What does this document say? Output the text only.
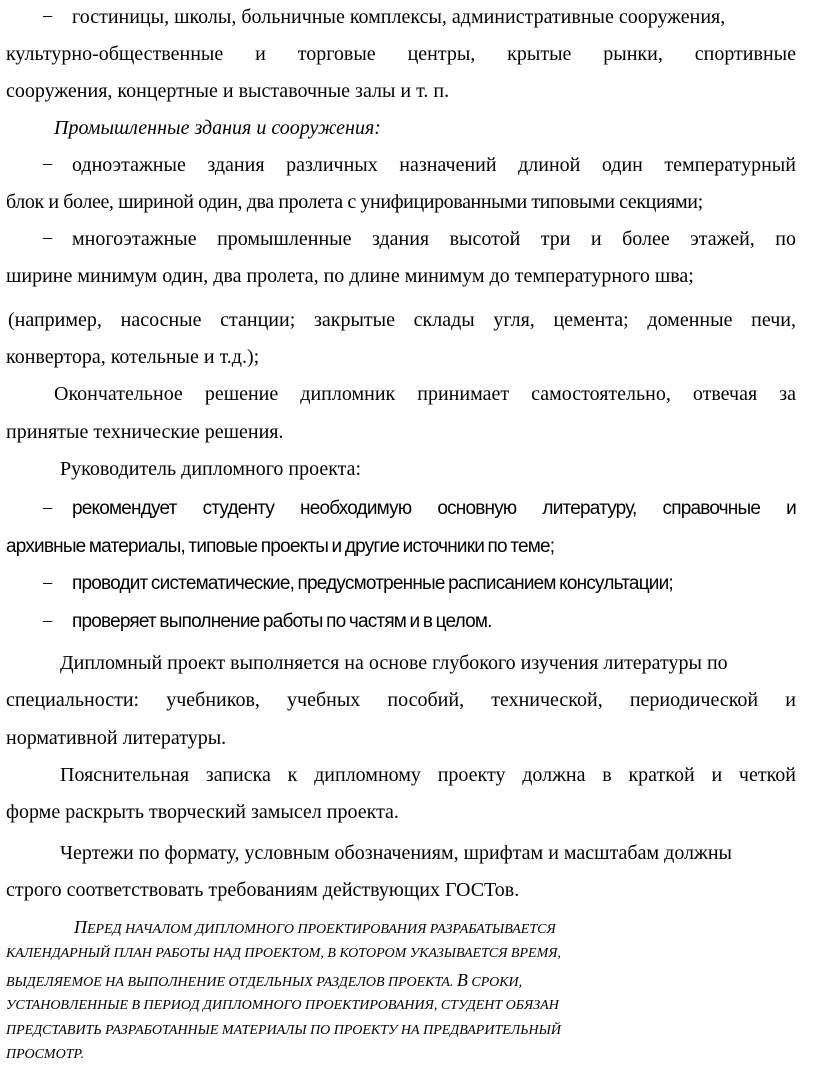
− гостиницы, школы, больничные комплексы, административные сооружения,
культурно-общественные и торговые центры, крытые рынки, спортивные
сооружения, концертные и выставочные залы и т. п.
Промышленные здания и сооружения:
− одноэтажные здания различных назначений длиной один температурный
блок и более, шириной один, два пролета с унифицированными типовыми секциями;
− многоэтажные промышленные здания высотой три и более этажей, по
ширине минимум один, два пролета, по длине минимум до температурного шва;
(например, насосные станции; закрытые склады угля, цемента; доменные печи,
конвертора, котельные и т.д.);
Окончательное решение дипломник принимает самостоятельно, отвечая за
принятые технические решения.
Руководитель дипломного проекта:
− рекомендует студенту необходимую основную литературу, справочные и
архивные материалы, типовые проекты и другие источники по теме;
− проводит систематические, предусмотренные расписанием консультации;
− проверяет выполнение работы по частям и в целом.
Дипломный проект выполняется на основе глубокого изучения литературы по
специальности: учебников, учебных пособий, технической, периодической и
нормативной литературы.
Пояснительная записка к дипломному проекту должна в краткой и четкой
форме раскрыть творческий замысел проекта.
Чертежи по формату, условным обозначениям, шрифтам и масштабам должны
строго соответствовать требованиям действующих ГОСТов.
ПЕРЕД НАЧАЛОМ ДИПЛОМНОГО ПРОЕКТИРОВАНИЯ РАЗРАБАТЫВАЕТСЯ
КАЛЕНДАРНЫЙ ПЛАН РАБОТЫ НАД ПРОЕКТОМ, В КОТОРОМ УКАЗЫВАЕТСЯ ВРЕМЯ,
ВЫДЕЛЯЕМОЕ НА ВЫПОЛНЕНИЕ ОТДЕЛЬНЫХ РАЗДЕЛОВ ПРОЕКТА. В СРОКИ,
УСТАНОВЛЕННЫЕ В ПЕРИОД ДИПЛОМНОГО ПРОЕКТИРОВАНИЯ, СТУДЕНТ ОБЯЗАН
ПРЕДСТАВИТЬ РАЗРАБОТАННЫЕ МАТЕРИАЛЫ ПО ПРОЕКТУ НА ПРЕДВАРИТЕЛЬНЫЙ
ПРОСМОТР.
